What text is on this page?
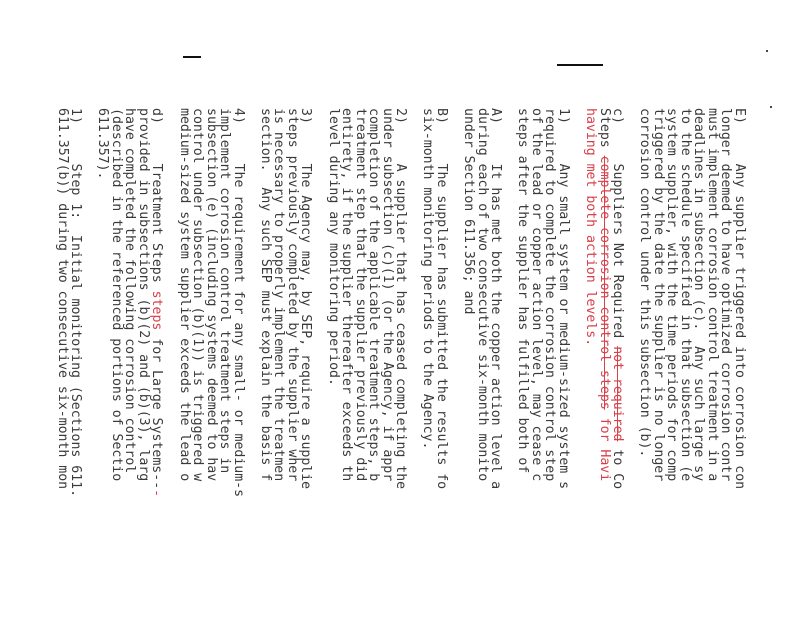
E)     Any supplier triggered into corrosion con
longer deemed to have optimized corrosion contr
must implement corrosion control treatment in a
deadlines in subsection (c).  Any such large sy
to the schedule specified in that subsection (e
system supplier, with the time periods for comp
triggered by the date the supplier is no longer
corrosion control under this subsection (b).
c)     Suppliers Not Required not required to Co
Steps complete corrosion control steps for Havi
having met both action levels.
1)     Any small system or medium-sized system s
required to complete the corrosion control step
of the lead or copper action level, may cease c
steps after the supplier has fulfilled both of
A)     It has met both the copper action level a
during each of two consecutive six-month monito
under Section 611.356; and
B)     The supplier has submitted the results fo
six-month monitoring periods to the Agency.
2)     A supplier that has ceased completing the
under subsection (c)(1) (or the Agency, if appr
completion of the applicable treatment steps, b
treatment step that the supplier previously did
entirety, if the supplier thereafter exceeds th
level during any monitoring period.
3)     The Agency may, by SEP, require a supplie
steps previously completed by the supplier wher
is necessary to properly implement the treatmen
section.  Any such SEP must explain the basis f
4)     The requirement for any small- or medium-s
implement corrosion control treatment steps in
subsection (e) (including systems deemed to hav
control under subsection (b)(1)) is triggered w
medium-sized system supplier exceeds the lead o
d)     Treatment Steps steps for Large Systems---
provided in subsections (b)(2) and (b)(3), larg
have completed the following corrosion control
(described in the referenced portions of Sectio
611.357).
1)     Step 1:  Initial monitoring (Sections 611.
611.357(b)) during two consecutive six-month mon
